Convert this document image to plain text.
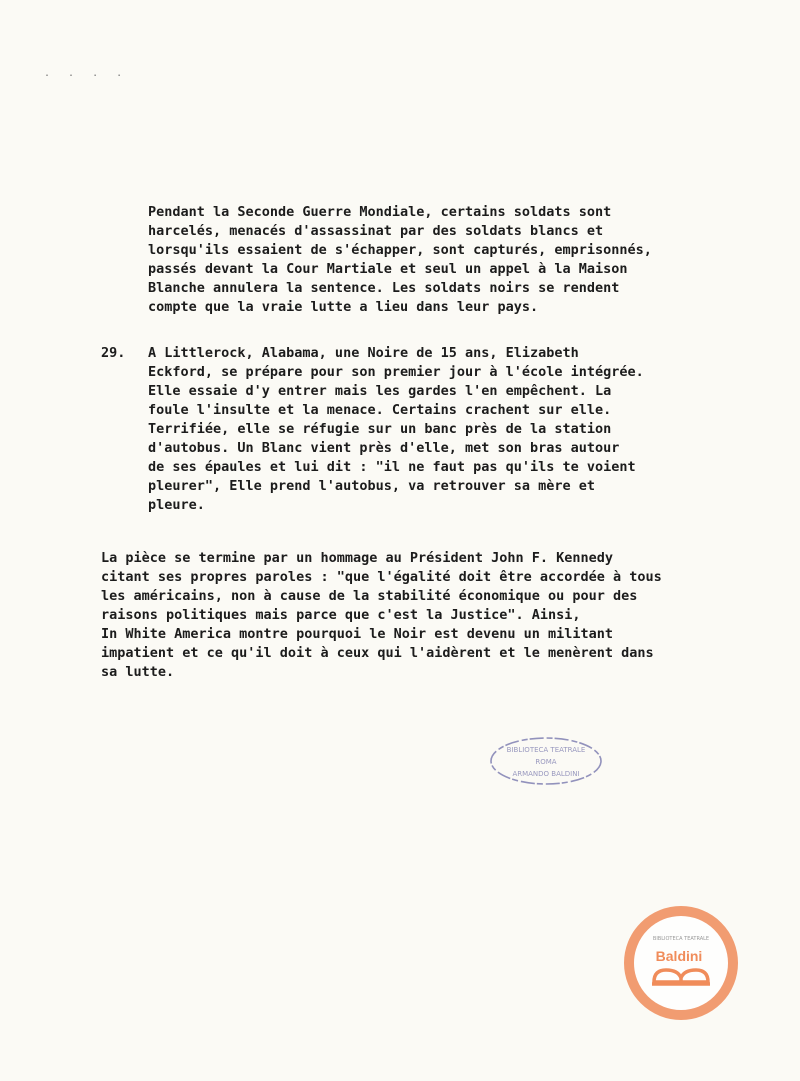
. . . .
Pendant la Seconde Guerre Mondiale, certains soldats sont
harcelés, menacés d'assassinat par des soldats blancs et
lorsqu'ils essaient de s'échapper, sont capturés, emprisonnés,
passés devant la Cour Martiale et seul un appel à la Maison
Blanche annulera la sentence. Les soldats noirs se rendent
compte que la vraie lutte a lieu dans leur pays.
29. A Littlerock, Alabama, une Noire de 15 ans, Elizabeth
Eckford, se prépare pour son premier jour à l'école intégrée.
Elle essaie d'y entrer mais les gardes l'en empêchent. La
foule l'insulte et la menace. Certains crachent sur elle.
Terrifiée, elle se réfugie sur un banc près de la station
d'autobus. Un Blanc vient près d'elle, met son bras autour
de ses épaules et lui dit : "il ne faut pas qu'ils te voient
pleurer", Elle prend l'autobus, va retrouver sa mère et
pleure.
La pièce se termine par un hommage au Président John F. Kennedy
citant ses propres paroles : "que l'égalité doit être accordée à tous
les américains, non à cause de la stabilité économique ou pour des
raisons politiques mais parce que c'est la Justice". Ainsi,
In White America montre pourquoi le Noir est devenu un militant
impatient et ce qu'il doit à ceux qui l'aidèrent et le menèrent dans
sa lutte.
BIBLIOTECA TEATRALE
ROMA
ARMANDO BALDINI
BIBLIOTECA TEATRALE
Baldini
